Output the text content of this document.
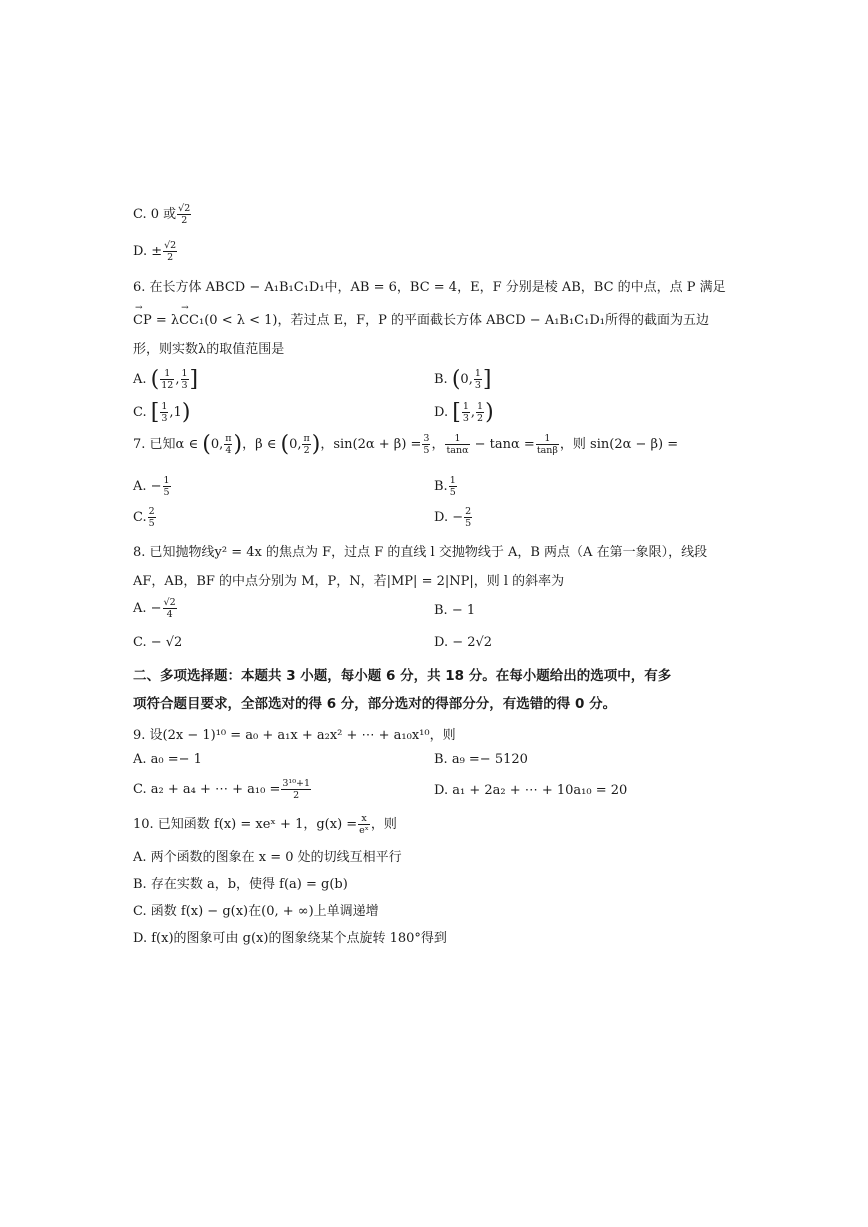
C. 0 或 $\frac{√2}{2}$
D. ± $\frac{√2}{2}$
6. 在长方体 ABCD − A₁B₁C₁D₁中，AB = 6，BC = 4，E，F 分别是棱 AB，BC 的中点，点 P 满足
→ CP = λ→ CC₁(0 < λ < 1)，若过点 E，F，P 的平面截长方体 ABCD − A₁B₁C₁D₁所得的截面为五边
形，则实数λ的取值范围是
A. ( $\frac{1}{12}$ , $\frac{1}{3}$ ]	B. (0, $\frac{1}{3}$ ]
C. [ $\frac{1}{3} ,1$)	D. [ $\frac{1}{3}$ , $\frac{1}{2}$ )
7. 已知α ∈ (0, $\frac{\pi}{4}$ )，β ∈ (0, $\frac{\pi}{2}$ )，$\sin(2\alpha + \beta) = \frac{3}{5}$ ， $\frac{1}{\tan\alpha} - \tan\alpha = \frac{1}{\tan\beta}$ ，则 sin(2α − β) =
A. − $\frac{1}{5}$	B. $\frac{1}{5}$
C. $\frac{2}{5}$	D. − $\frac{2}{5}$
8. 已知抛物线y² = 4x 的焦点为 F，过点 F 的直线 l 交抛物线于 A，B 两点（A 在第一象限），线段
AF，AB，BF 的中点分别为 M，P，N，若|MP| = 2|NP|，则 l 的斜率为
A. − $\frac{√2}{4}$	B. − 1
C. − √2	D. − 2√2
二、多项选择题：本题共 3 小题，每小题 6 分，共 18 分。在每小题给出的选项中，有多
项符合题目要求，全部选对的得 6 分，部分选对的得部分分，有选错的得 0 分。
9. 设(2x − 1)¹⁰ = a₀ + a₁x + a₂x² + ⋯ + a₁₀x¹⁰，则
A. a₀ =− 1	B. a₉ =− 5120
C. a₂ + a₄ + ⋯ + $a_{10} = \frac{\text{3¹⁰+1}}{2}$	D. a₁ + 2a₂ + ⋯ + 10a₁₀ = 20
10. 已知函数 f(x) = xeˣ + 1，$g(x) = \frac{x}{\text{eˣ}}$ ，则
A. 两个函数的图象在 x = 0 处的切线互相平行
B. 存在实数 a，b，使得 f(a) = g(b)
C. 函数 f(x) − g(x)在(0, + ∞)上单调递增
D. f(x)的图象可由 g(x)的图象绕某个点旋转 180°得到
